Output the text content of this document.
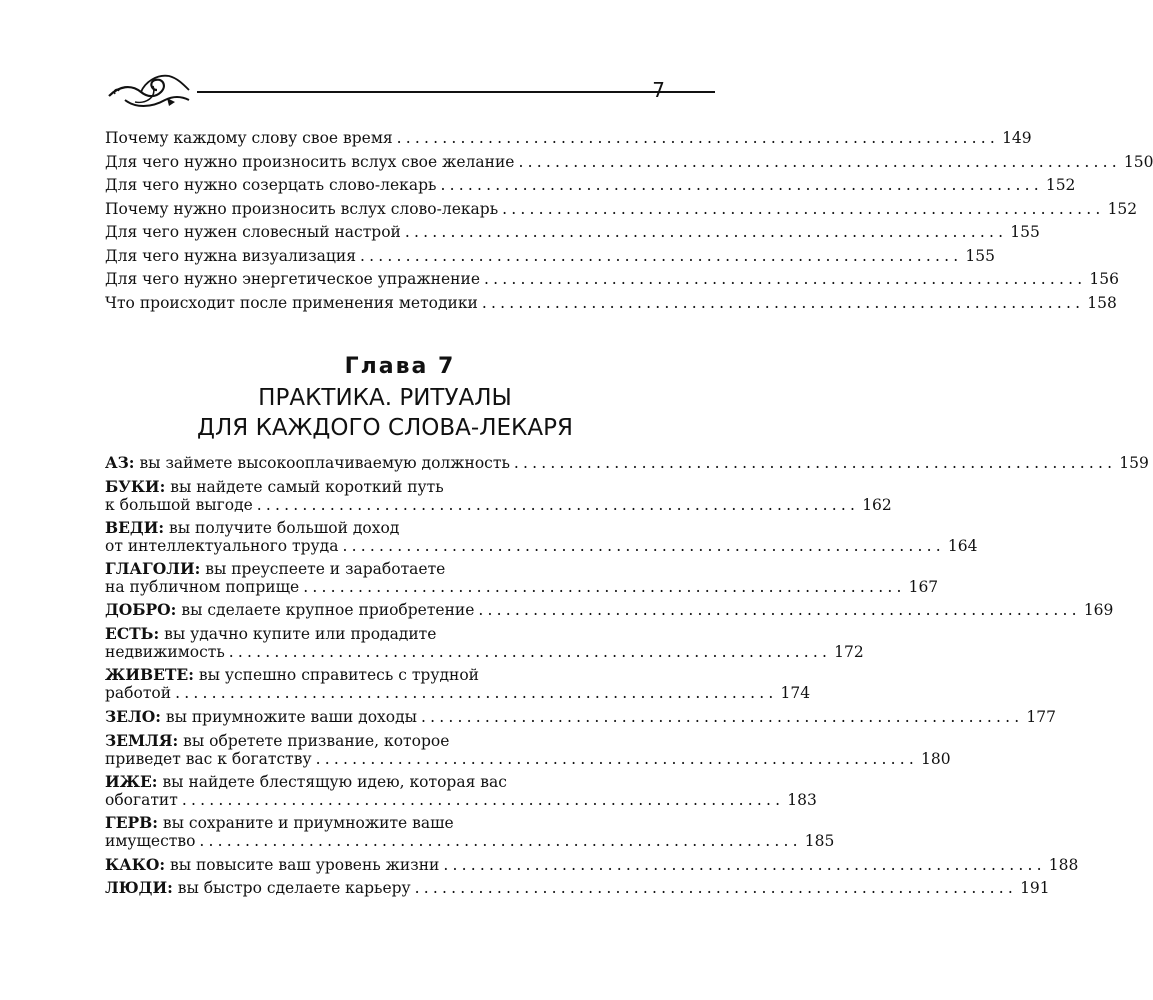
7
Почему каждому слову свое время .................................................................. 149
Для чего нужно произносить вслух свое желание .................................................................. 150
Для чего нужно созерцать слово-лекарь .................................................................. 152
Почему нужно произносить вслух слово-лекарь .................................................................. 152
Для чего нужен словесный настрой .................................................................. 155
Для чего нужна визуализация .................................................................. 155
Для чего нужно энергетическое упражнение .................................................................. 156
Что происходит после применения методики .................................................................. 158
Глава 7
ПРАКТИКА. РИТУАЛЫ
ДЛЯ КАЖДОГО СЛОВА-ЛЕКАРЯ
АЗ: вы займете высокооплачиваемую должность .................................................................. 159
БУКИ: вы найдете самый короткий путь
к большой выгоде .................................................................. 162
ВЕДИ: вы получите большой доход
от интеллектуального труда .................................................................. 164
ГЛАГОЛИ: вы преуспеете и заработаете
на публичном поприще .................................................................. 167
ДОБРО: вы сделаете крупное приобретение .................................................................. 169
ЕСТЬ: вы удачно купите или продадите
недвижимость .................................................................. 172
ЖИВЕТЕ: вы успешно справитесь с трудной
работой .................................................................. 174
ЗЕЛО: вы приумножите ваши доходы .................................................................. 177
ЗЕМЛЯ: вы обретете призвание, которое
приведет вас к богатству .................................................................. 180
ИЖЕ: вы найдете блестящую идею, которая вас
обогатит .................................................................. 183
ГЕРВ: вы сохраните и приумножите ваше
имущество .................................................................. 185
КАКО: вы повысите ваш уровень жизни .................................................................. 188
ЛЮДИ: вы быстро сделаете карьеру .................................................................. 191
